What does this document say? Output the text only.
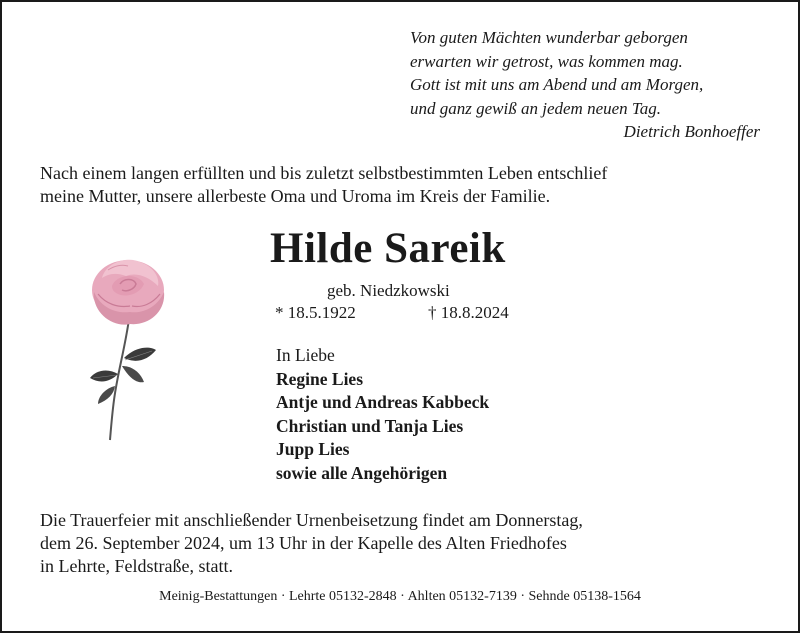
Von guten Mächten wunderbar geborgen
erwarten wir getrost, was kommen mag.
Gott ist mit uns am Abend und am Morgen,
und ganz gewiß an jedem neuen Tag.
Dietrich Bonhoeffer
Nach einem langen erfüllten und bis zuletzt selbstbestimmten Leben entschlief
meine Mutter, unsere allerbeste Oma und Uroma im Kreis der Familie.
Hilde Sareik
geb. Niedzkowski
* 18.5.1922	† 18.8.2024
In Liebe
Regine Lies
Antje und Andreas Kabbeck
Christian und Tanja Lies
Jupp Lies
sowie alle Angehörigen
Die Trauerfeier mit anschließender Urnenbeisetzung findet am Donnerstag,
dem 26. September 2024, um 13 Uhr in der Kapelle des Alten Friedhofes
in Lehrte, Feldstraße, statt.
Meinig-Bestattungen · Lehrte 05132-2848 · Ahlten 05132-7139 · Sehnde 05138-1564
